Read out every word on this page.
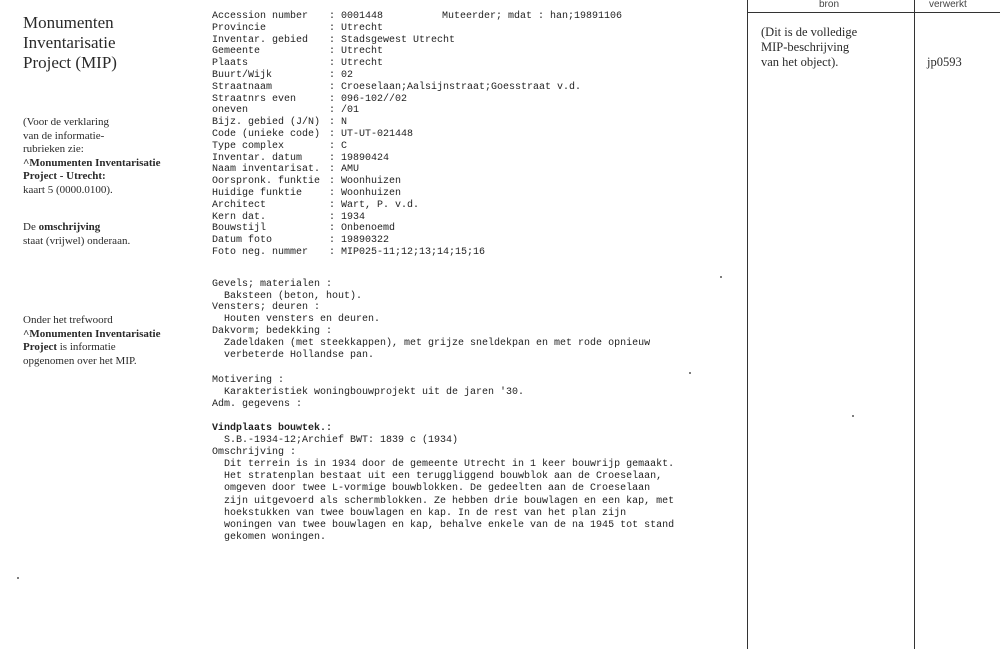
Monumenten
Inventarisatie
Project (MIP)
(Voor de verklaring
van de informatie-
rubrieken zie:
^Monumenten Inventarisatie
Project - Utrecht:
kaart 5 (0000.0100).
De omschrijving
staat (vrijwel) onderaan.
Onder het trefwoord
^Monumenten Inventarisatie
Project is informatie
opgenomen over het MIP.
Muteerder; mdat : han;19891106
Accession number : 0001448
Provincie	: Utrecht
Inventar. gebied : Stadsgewest Utrecht
Gemeente	: Utrecht
Plaats	: Utrecht
Buurt/Wijk	: 02
Straatnaam	: Croeselaan;Aalsijnstraat;Goesstraat v.d.
Straatnrs even	: 096-102//02
oneven	: /01
Bijz. gebied (J/N) : N
Code (unieke code) : UT-UT-021448
Type complex	: C
Inventar. datum	: 19890424
Naam inventarisat. : AMU
Oorspronk. funktie : Woonhuizen
Huidige funktie	: Woonhuizen
Architect	: Wart, P. v.d.
Kern dat.	: 1934
Bouwstijl	: Onbenoemd
Datum foto	: 19890322
Foto neg. nummer : MIP025-11;12;13;14;15;16
Gevels; materialen :
Baksteen (beton, hout).
Vensters; deuren :
Houten vensters en deuren.
Dakvorm; bedekking :
Zadeldaken (met steekkappen), met grijze sneldekpan en met rode opnieuw
verbeterde Hollandse pan.
Motivering :
Karakteristiek woningbouwprojekt uit de jaren '30.
Adm. gegevens :
Vindplaats bouwtek.:
S.B.-1934-12;Archief BWT: 1839 c (1934)
Omschrijving :
Dit terrein is in 1934 door de gemeente Utrecht in 1 keer bouwrijp gemaakt.
Het stratenplan bestaat uit een teruggliggend bouwblok aan de Croeselaan,
omgeven door twee L-vormige bouwblokken. De gedeelten aan de Croeselaan
zijn uitgevoerd als schermblokken. Ze hebben drie bouwlagen en een kap, met
hoekstukken van twee bouwlagen en kap. In de rest van het plan zijn
woningen van twee bouwlagen en kap, behalve enkele van de na 1945 tot stand
gekomen woningen.
bron	verwerkt
(Dit is de volledige
MIP-beschrijving
van het object).	jp0593
